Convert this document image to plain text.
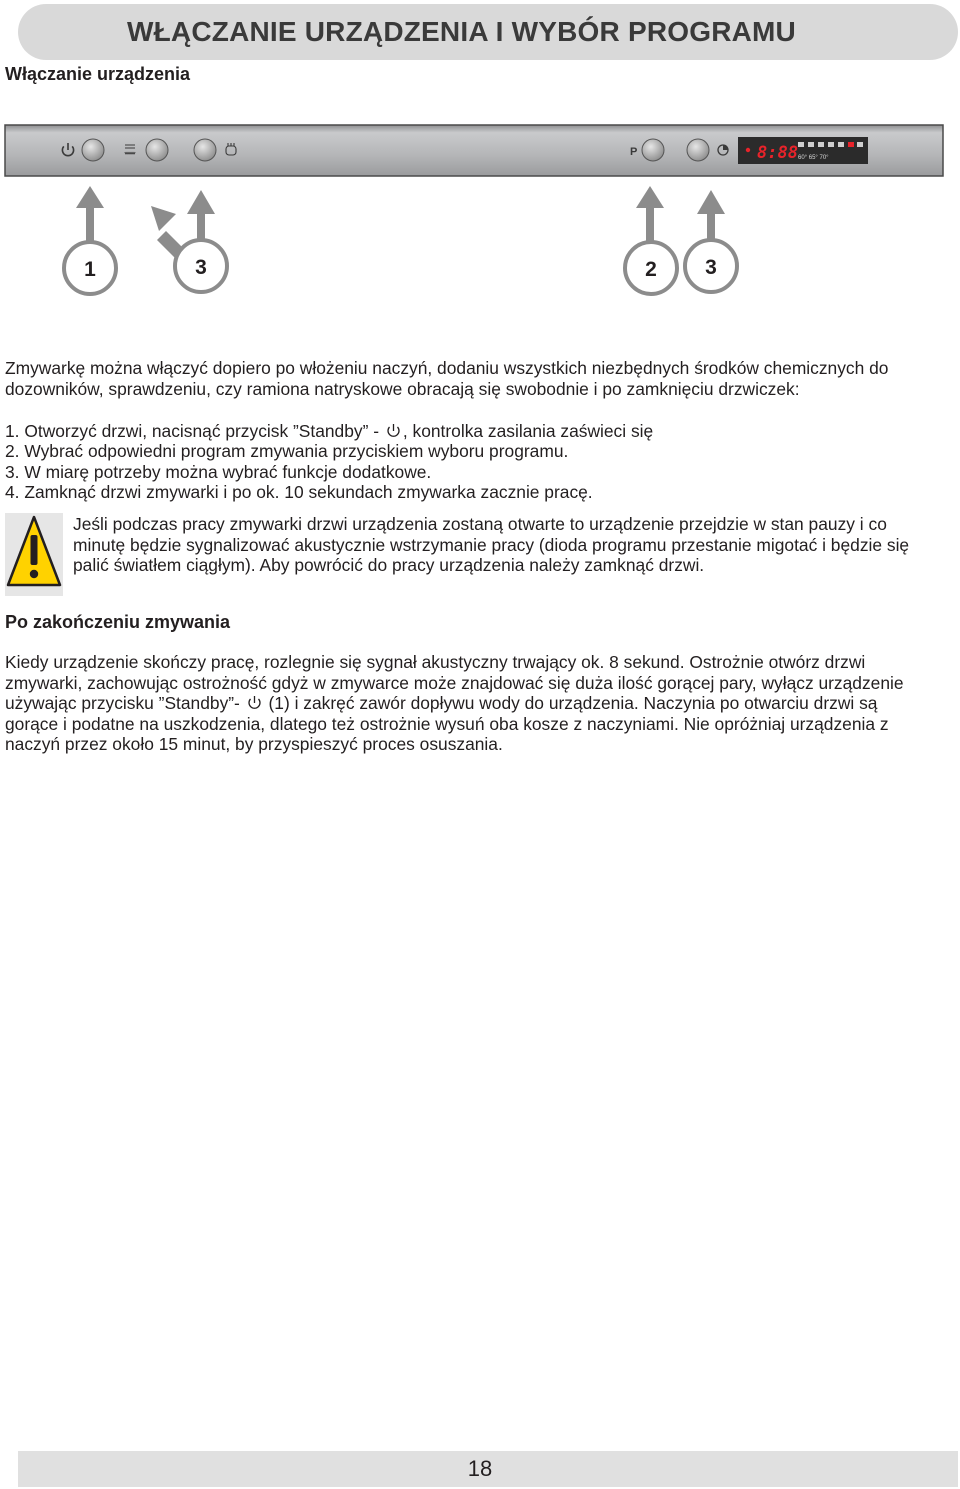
WŁĄCZANIE URZĄDZENIA I WYBÓR PROGRAMU
Włączanie urządzenia
P	8:88 60° 65° 70°
1	3	2 3

Zmywarkę można włączyć dopiero po włożeniu naczyń, dodaniu wszystkich niezbędnych środków chemicznych do dozowników, sprawdzeniu, czy ramiona natryskowe obracają się swobodnie i po zamknięciu drzwiczek:

1. Otworzyć drzwi, nacisnąć przycisk ”Standby” - , kontrolka zasilania zaświeci się
2. Wybrać odpowiedni program zmywania przyciskiem wyboru programu.
3. W miarę potrzeby można wybrać funkcje dodatkowe.
4. Zamknąć drzwi zmywarki i po ok. 10 sekundach zmywarka zacznie pracę.

Jeśli podczas pracy zmywarki drzwi urządzenia zostaną otwarte to urządzenie przejdzie w stan pauzy i co minutę będzie sygnalizować akustycznie wstrzymanie pracy (dioda programu przestanie migotać i będzie się palić światłem ciągłym). Aby powrócić do pracy urządzenia należy zamknąć drzwi.

Po zakończeniu zmywania

Kiedy urządzenie skończy pracę, rozlegnie się sygnał akustyczny trwający ok. 8 sekund. Ostrożnie otwórz drzwi zmywarki, zachowując ostrożność gdyż w zmywarce może znajdować się duża ilość gorącej pary, wyłącz urządzenie używając przycisku ”Standby”-  (1) i zakręć zawór dopływu wody do urządzenia. Naczynia po otwarciu drzwi są gorące i podatne na uszkodzenia, dlatego też ostrożnie wysuń oba kosze z naczyniami. Nie opróżniaj urządzenia z naczyń przez około 15 minut, by przyspieszyć proces osuszania.

18
